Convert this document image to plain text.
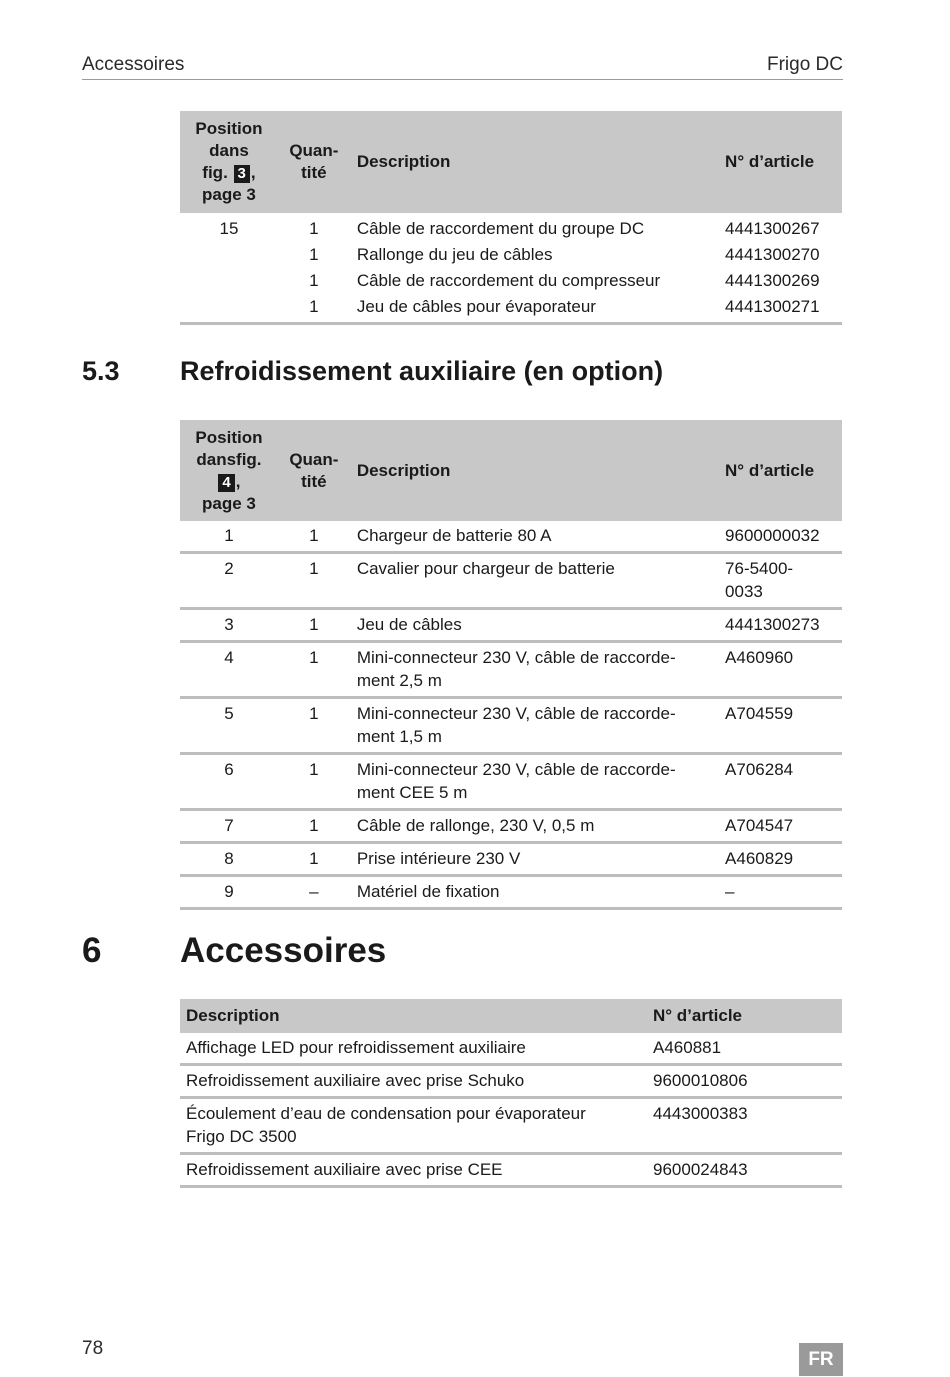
Accessoires	Frigo DC
Position
dans
fig. 3 ,
page 3	Quan-
tité	Description	N° d’article
15	1	Câble de raccordement du groupe DC	4441300267
	1	Rallonge du jeu de câbles	4441300270
	1	Câble de raccordement du compresseur	4441300269
	1	Jeu de câbles pour évaporateur	4441300271
5.3 Refroidissement auxiliaire (en option)
Position
dansfig.
4 ,
page 3	Quan-
tité	Description	N° d’article
1	1	Chargeur de batterie 80 A	9600000032
2	1	Cavalier pour chargeur de batterie	76-5400-
0033
3	1	Jeu de câbles	4441300273
4	1	Mini-connecteur 230 V, câble de raccorde-
ment 2,5 m	A460960
5	1	Mini-connecteur 230 V, câble de raccorde-
ment 1,5 m	A704559
6	1	Mini-connecteur 230 V, câble de raccorde-
ment CEE 5 m	A706284
7	1	Câble de rallonge, 230 V, 0,5 m	A704547
8	1	Prise intérieure 230 V	A460829
9	–	Matériel de fixation	–
6 Accessoires
Description	N° d’article
Affichage LED pour refroidissement auxiliaire	A460881
Refroidissement auxiliaire avec prise Schuko	9600010806
Écoulement d’eau de condensation pour évaporateur
Frigo DC 3500	4443000383
Refroidissement auxiliaire avec prise CEE	9600024843
78
FR
